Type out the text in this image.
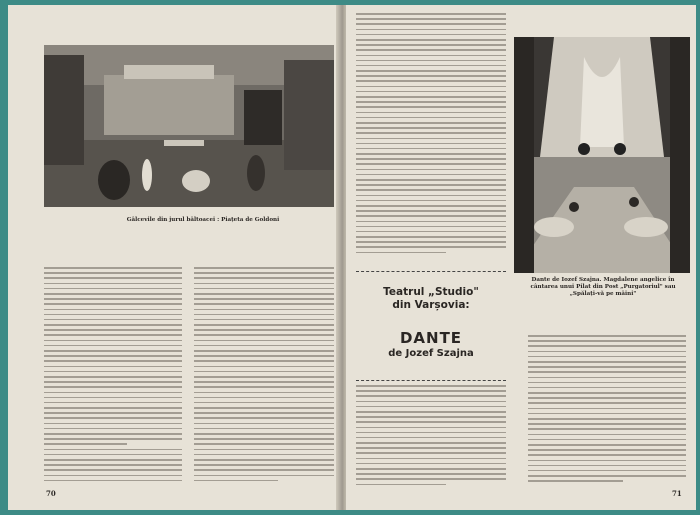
Gâlcevile din jurul bâltoacei : Piațeta de Goldoni
70
Dante de Iozef Szajna. Magdalene angelice în cântarea unui Pilat din Post „Purgatoriul" sau „Spălați-vă pe mâini"
Teatrul „Studio"
din Varșovia:
DANTE
de Jozef Szajna
71
